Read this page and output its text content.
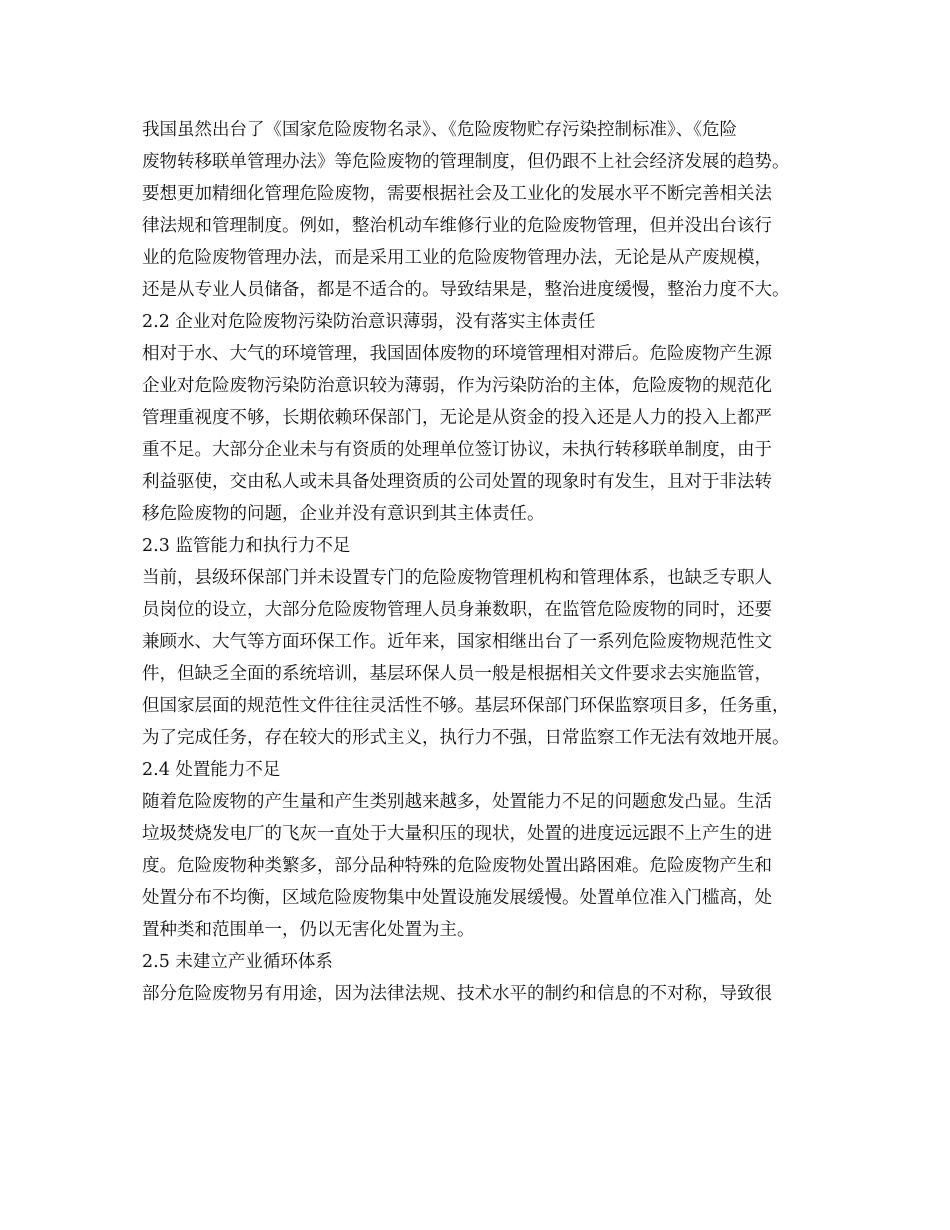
我国虽然出台了《国家危险废物名录》、《危险废物贮存污染控制标准》、《危险
废物转移联单管理办法》等危险废物的管理制度，但仍跟不上社会经济发展的趋势。
要想更加精细化管理危险废物，需要根据社会及工业化的发展水平不断完善相关法
律法规和管理制度。例如，整治机动车维修行业的危险废物管理，但并没出台该行
业的危险废物管理办法，而是采用工业的危险废物管理办法，无论是从产废规模，
还是从专业人员储备，都是不适合的。导致结果是，整治进度缓慢，整治力度不大。
2.2 企业对危险废物污染防治意识薄弱，没有落实主体责任
相对于水、大气的环境管理，我国固体废物的环境管理相对滞后。危险废物产生源
企业对危险废物污染防治意识较为薄弱，作为污染防治的主体，危险废物的规范化
管理重视度不够，长期依赖环保部门，无论是从资金的投入还是人力的投入上都严
重不足。大部分企业未与有资质的处理单位签订协议，未执行转移联单制度，由于
利益驱使，交由私人或未具备处理资质的公司处置的现象时有发生，且对于非法转
移危险废物的问题，企业并没有意识到其主体责任。
2.3 监管能力和执行力不足
当前，县级环保部门并未设置专门的危险废物管理机构和管理体系，也缺乏专职人
员岗位的设立，大部分危险废物管理人员身兼数职，在监管危险废物的同时，还要
兼顾水、大气等方面环保工作。近年来，国家相继出台了一系列危险废物规范性文
件，但缺乏全面的系统培训，基层环保人员一般是根据相关文件要求去实施监管，
但国家层面的规范性文件往往灵活性不够。基层环保部门环保监察项目多，任务重，
为了完成任务，存在较大的形式主义，执行力不强，日常监察工作无法有效地开展。
2.4 处置能力不足
随着危险废物的产生量和产生类别越来越多，处置能力不足的问题愈发凸显。生活
垃圾焚烧发电厂的飞灰一直处于大量积压的现状，处置的进度远远跟不上产生的进
度。危险废物种类繁多，部分品种特殊的危险废物处置出路困难。危险废物产生和
处置分布不均衡，区域危险废物集中处置设施发展缓慢。处置单位准入门槛高，处
置种类和范围单一，仍以无害化处置为主。
2.5 未建立产业循环体系
部分危险废物另有用途，因为法律法规、技术水平的制约和信息的不对称，导致很
